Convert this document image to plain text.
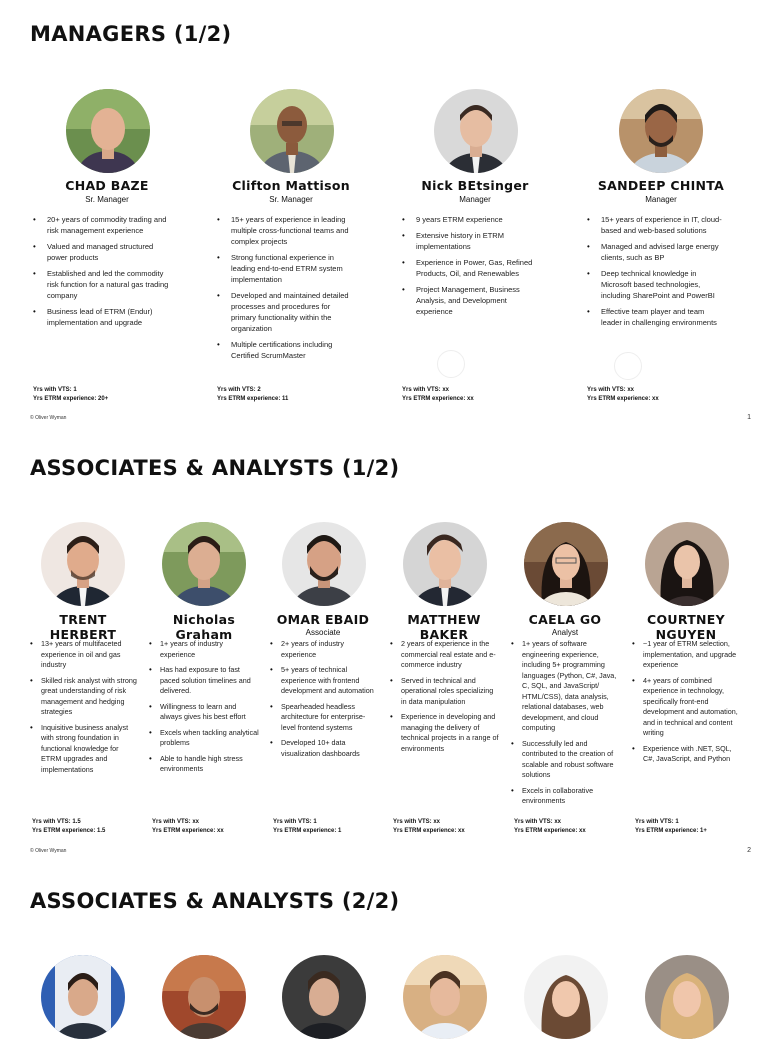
MANAGERS (1/2)
CHAD BAZE
Sr. Manager
• 20+ years of commodity trading and risk management experience
• Valued and managed structured power products
• Established and led the commodity risk function for a natural gas trading company
• Business lead of ETRM (Endur) implementation and upgrade
Yrs with VTS: 1
Yrs ETRM experience: 20+
Clifton Mattison
Sr. Manager
• 15+ years of experience in leading multiple cross-functional teams and complex projects
• Strong functional experience in leading end-to-end ETRM system implementation
• Developed and maintained detailed processes and procedures for primary functionality within the organization
• Multiple certifications including Certified ScrumMaster
Yrs with VTS: 2
Yrs ETRM experience: 11
Nick BEtsinger
Manager
• 9 years ETRM experience
• Extensive history in ETRM implementations
• Experience in Power, Gas, Refined Products, Oil, and Renewables
• Project Management, Business Analysis, and Development experience
Yrs with VTS: xx
Yrs ETRM experience: xx
SANDEEP CHINTA
Manager
• 15+ years of experience in IT, cloud-based and web-based solutions
• Managed and advised large energy clients, such as BP
• Deep technical knowledge in Microsoft based technologies, including SharePoint and PowerBI
• Effective team player and team leader in challenging environments
Yrs with VTS: xx
Yrs ETRM experience: xx
© Oliver Wyman	1
ASSOCIATES & ANALYSTS (1/2)
TRENT HERBERT
• 13+ years of multifaceted experience in oil and gas industry
• Skilled risk analyst with strong great understanding of risk management and hedging strategies
• Inquisitive business analyst with strong foundation in functional knowledge for ETRM upgrades and implementations
Yrs with VTS: 1.5
Yrs ETRM experience: 1.5
Nicholas Graham
• 1+ years of industry experience
• Has had exposure to fast paced solution timelines and delivered.
• Willingness to learn and always gives his best effort
• Excels when tackling analytical problems
• Able to handle high stress environments
Yrs with VTS: xx
Yrs ETRM experience: xx
OMAR EBAID
Associate
• 2+ years of industry experience
• 5+ years of technical experience with frontend development and automation
• Spearheaded headless architecture for enterprise-level frontend systems
• Developed 10+ data visualization dashboards
Yrs with VTS: 1
Yrs ETRM experience: 1
MATTHEW BAKER
• 2 years of experience in the commercial real estate and e-commerce industry
• Served in technical and operational roles specializing in data manipulation
• Experience in developing and managing the delivery of technical projects in a range of environments
Yrs with VTS: xx
Yrs ETRM experience: xx
CAELA GO
Analyst
• 1+ years of software engineering experience, including 5+ programming languages (Python, C#, Java, C, SQL, and JavaScript/ HTML/CSS), data analysis, relational databases, web development, and cloud computing
• Successfully led and contributed to the creation of scalable and robust software solutions
• Excels in collaborative environments
Yrs with VTS: xx
Yrs ETRM experience: xx
COURTNEY NGUYEN
• ~1 year of ETRM selection, implementation, and upgrade experience
• 4+ years of combined experience in technology, specifically front-end development and automation, and in technical and content writing
• Experience with .NET, SQL, C#, JavaScript, and Python
Yrs with VTS: 1
Yrs ETRM experience: 1+
© Oliver Wyman	2
ASSOCIATES & ANALYSTS (2/2)
